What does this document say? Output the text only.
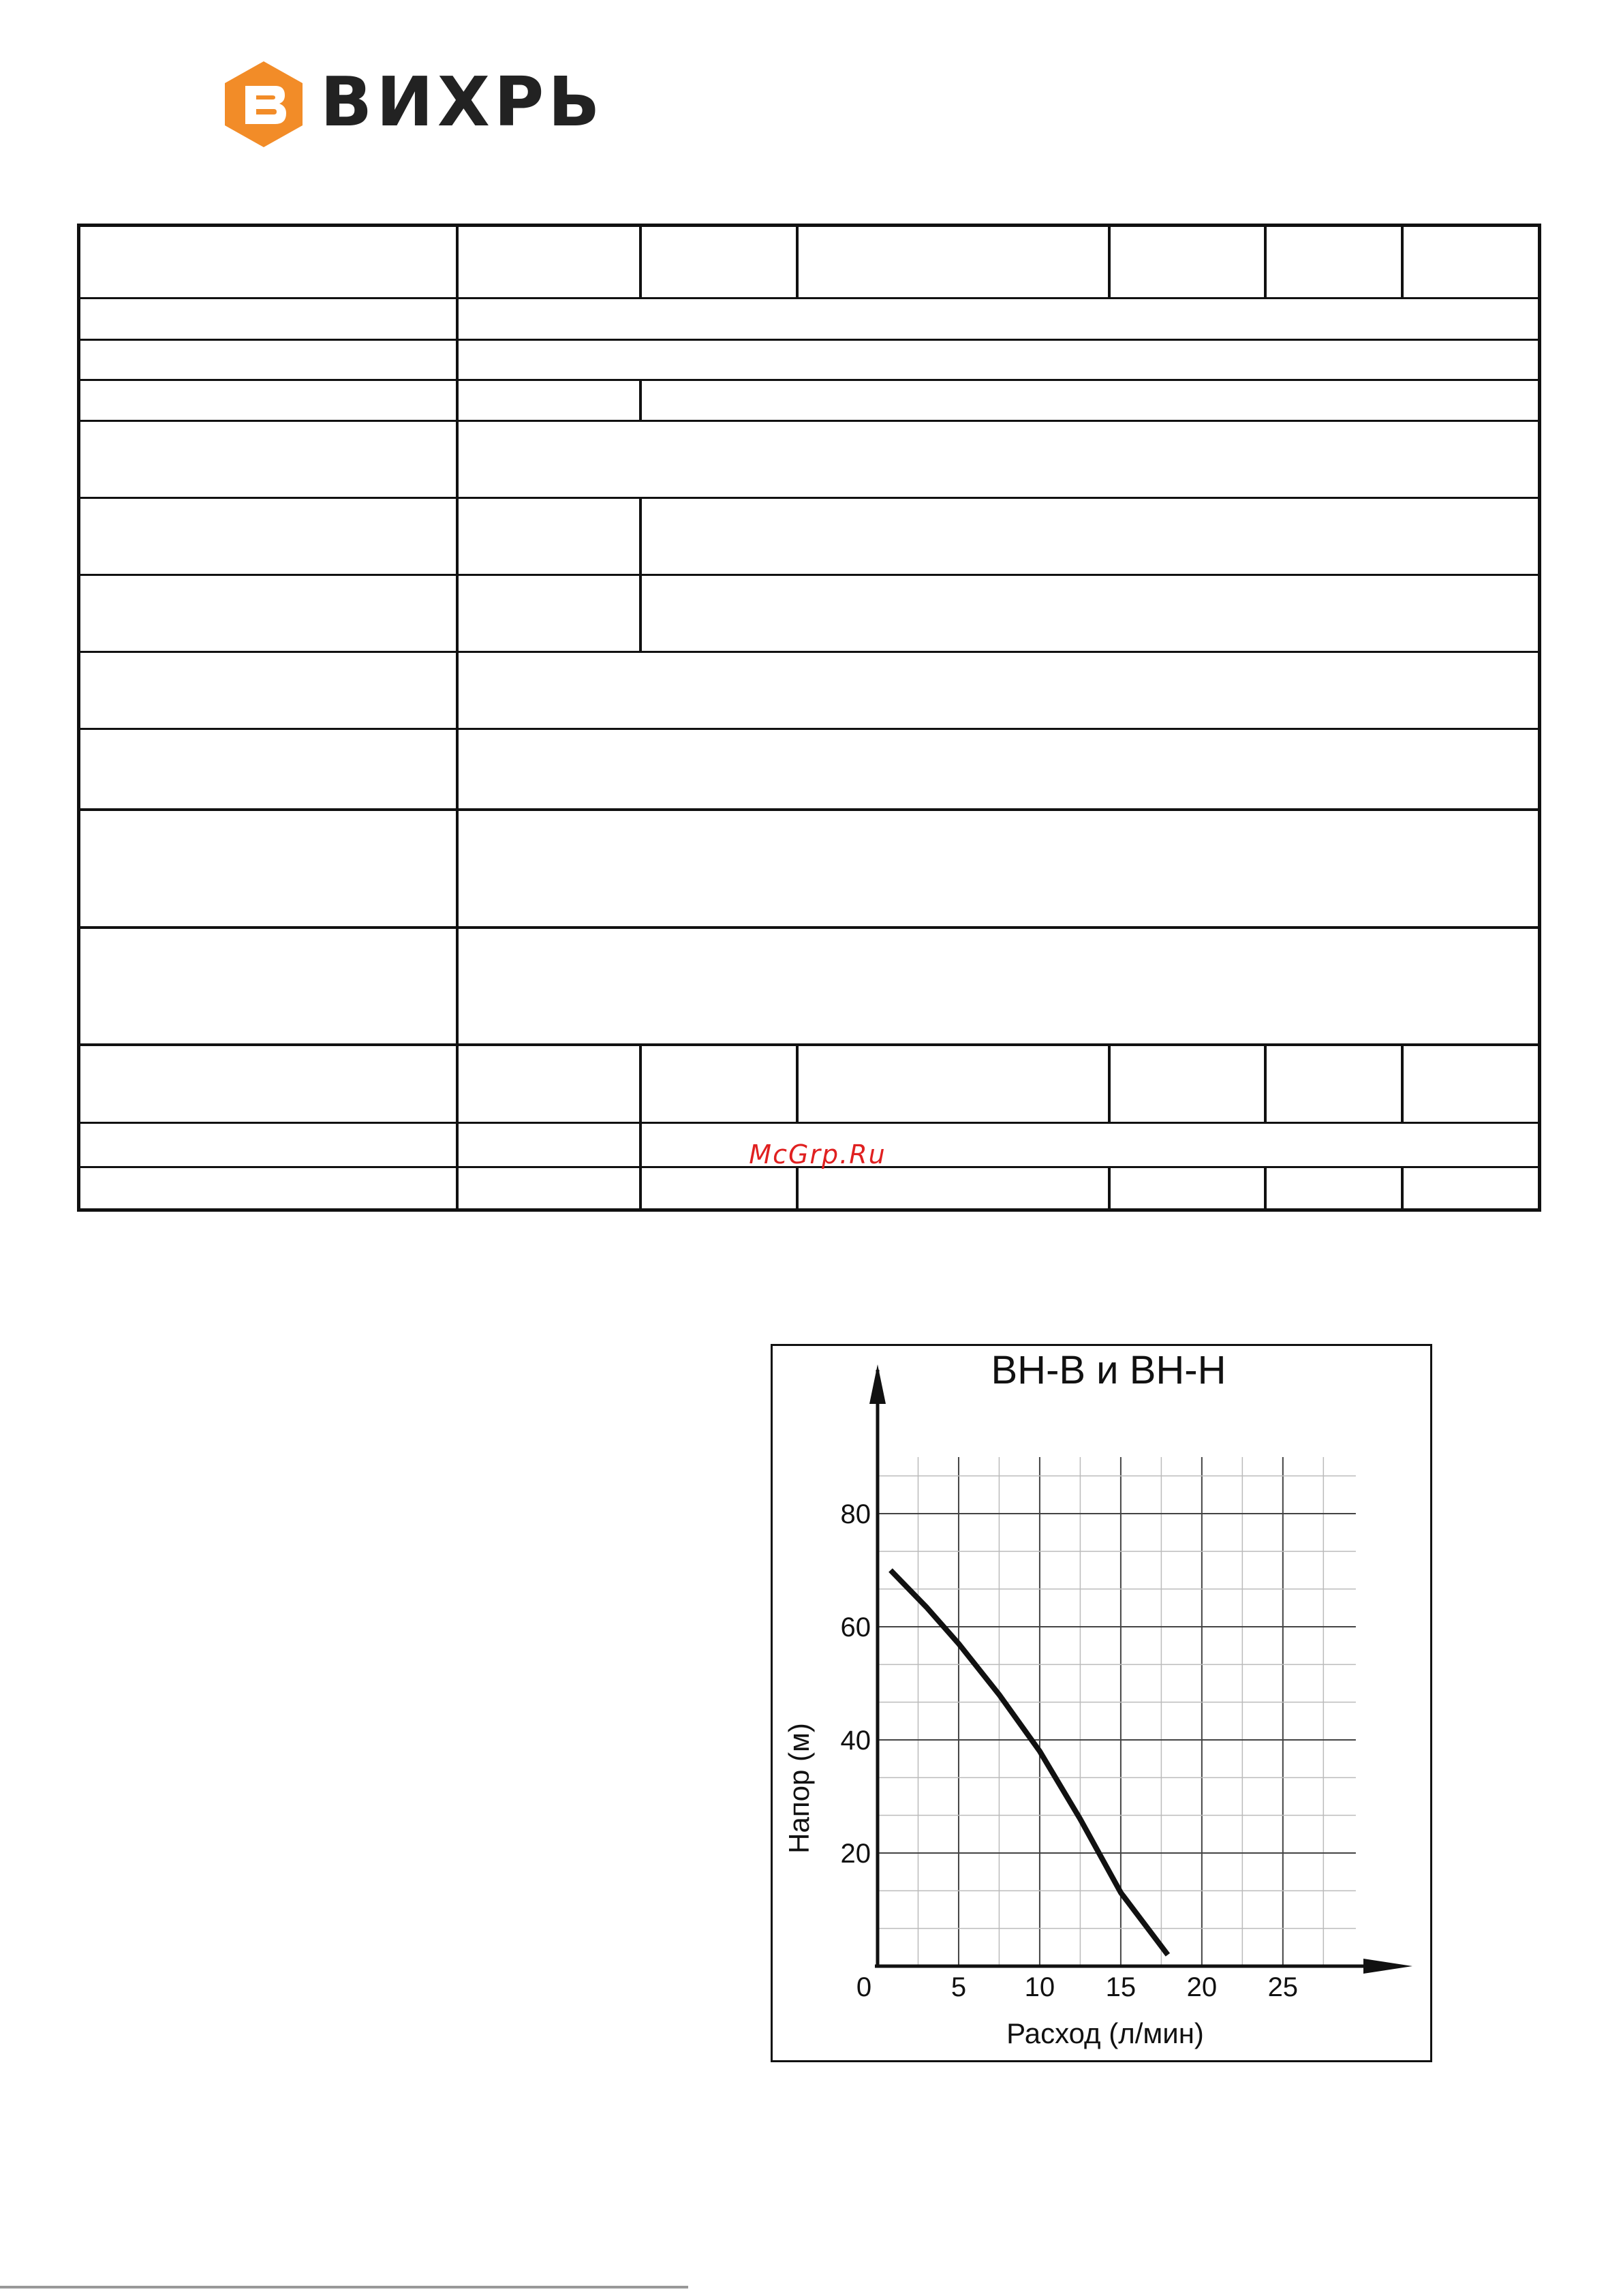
ВИХРЬ
McGrp.Ru
0	5 10 15 20 25
20
40
60
80
ВН-В и ВН-Н
Расход (л/мин)
Напор (м)
